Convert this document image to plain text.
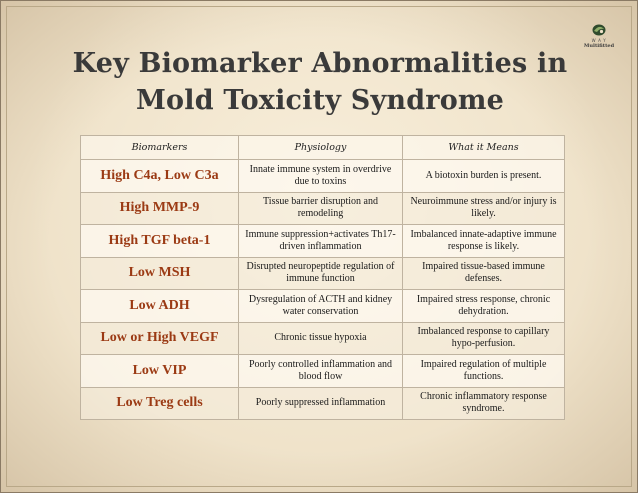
W A Y
Multifitted
Key Biomarker Abnormalities in
Mold Toxicity Syndrome
Biomarkers	Physiology	What it Means
High C4a, Low C3a	Innate immune system in overdrive due to toxins	A biotoxin burden is present.
High MMP-9	Tissue barrier disruption and remodeling	Neuroimmune stress and/or injury is likely.
High TGF beta-1	Immune suppression+activates Th17-driven inflammation	Imbalanced innate-adaptive immune response is likely.
Low MSH	Disrupted neuropeptide regulation of immune function	Impaired tissue-based immune defenses.
Low ADH	Dysregulation of ACTH and kidney water conservation	Impaired stress response, chronic dehydration.
Low or High VEGF	Chronic tissue hypoxia	Imbalanced response to capillary hypo-perfusion.
Low VIP	Poorly controlled inflammation and blood flow	Impaired regulation of multiple functions.
Low Treg cells	Poorly suppressed inflammation	Chronic inflammatory response syndrome.
